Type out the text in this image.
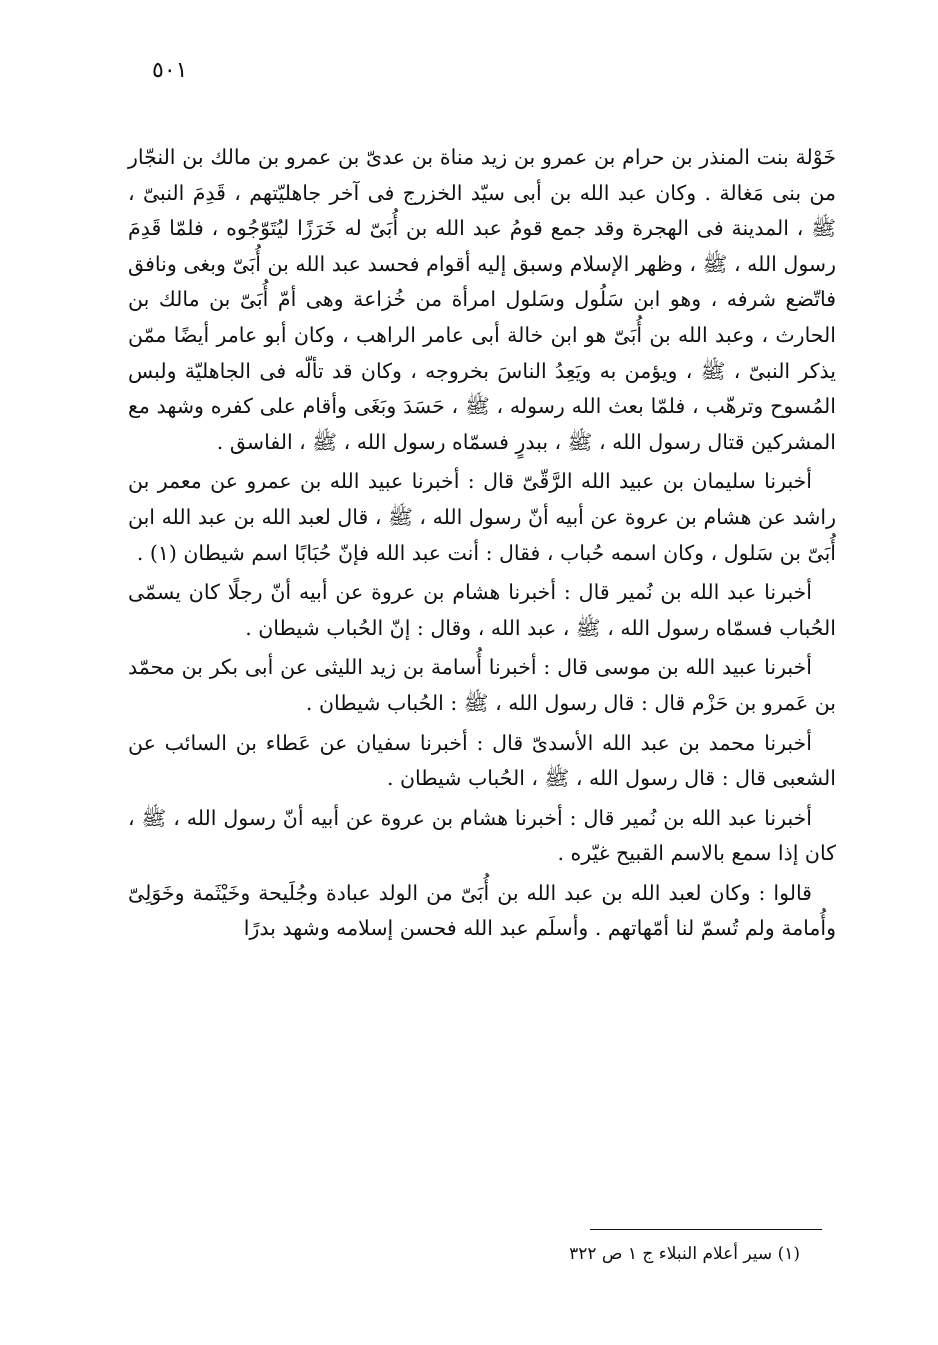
٥٠١

خَوْلة بنت المنذر بن حرام بن عمرو بن زيد مناة بن عدىّ بن عمرو بن مالك بن النجّار من بنى مَغالة . وكان عبد الله بن أبى سيّد الخزرج فى آخر جاهليّتهم ، قَدِمَ النبىّ ، ﷺ ، المدينة فى الهجرة وقد جمع قومُ عبد الله بن أُبَىّ له خَرَزًا ليُتَوّجُوه ، فلمّا قَدِمَ رسول الله ، ﷺ ، وظهر الإسلام وسبق إليه أقوام فحسد عبد الله بن أُبَىّ وبغى ونافق فاتّضع شرفه ، وهو ابن سَلُول وسَلول امرأة من خُزاعة وهى أمّ أُبَىّ بن مالك بن الحارث ، وعبد الله بن أُبَىّ هو ابن خالة أبى عامر الراهب ، وكان أبو عامر أيضًا ممّن يذكر النبىّ ، ﷺ ، ويؤمن به ويَعِدُ الناسَ بخروجه ، وكان قد تألّه فى الجاهليّة ولبس المُسوح وترهّب ، فلمّا بعث الله رسوله ، ﷺ ، حَسَدَ وبَغَى وأقام على كفره وشهد مع المشركين قتال رسول الله ، ﷺ ، ببدرٍ فسمّاه رسول الله ، ﷺ ، الفاسق .

أخبرنا سليمان بن عبيد الله الرَّقّىّ قال : أخبرنا عبيد الله بن عمرو عن معمر بن راشد عن هشام بن عروة عن أبيه أنّ رسول الله ، ﷺ ، قال لعبد الله بن عبد الله ابن أُبَىّ بن سَلول ، وكان اسمه حُباب ، فقال : أنت عبد الله فإنّ حُبَابًا اسم شيطان (١) .

أخبرنا عبد الله بن نُمير قال : أخبرنا هشام بن عروة عن أبيه أنّ رجلًا كان يسمّى الحُباب فسمّاه رسول الله ، ﷺ ، عبد الله ، وقال : إنّ الحُباب شيطان .

أخبرنا عبيد الله بن موسى قال : أخبرنا أُسامة بن زيد الليثى عن أبى بكر بن محمّد بن عَمرو بن حَزْم قال : قال رسول الله ، ﷺ : الحُباب شيطان .

أخبرنا محمد بن عبد الله الأسدىّ قال : أخبرنا سفيان عن عَطاء بن السائب عن الشعبى قال : قال رسول الله ، ﷺ ، الحُباب شيطان .

أخبرنا عبد الله بن نُمير قال : أخبرنا هشام بن عروة عن أبيه أنّ رسول الله ، ﷺ ، كان إذا سمع بالاسم القبيح غيّره .

قالوا : وكان لعبد الله بن عبد الله بن أُبَىّ من الولد عبادة وجُلَيحة وخَيْثَمة وخَوَلِىّ وأُمامة ولم تُسمّ لنا أمّهاتهم . وأسلَم عبد الله فحسن إسلامه وشهد بدرًا

(١) سير أعلام النبلاء ج ١ ص ٣٢٢
